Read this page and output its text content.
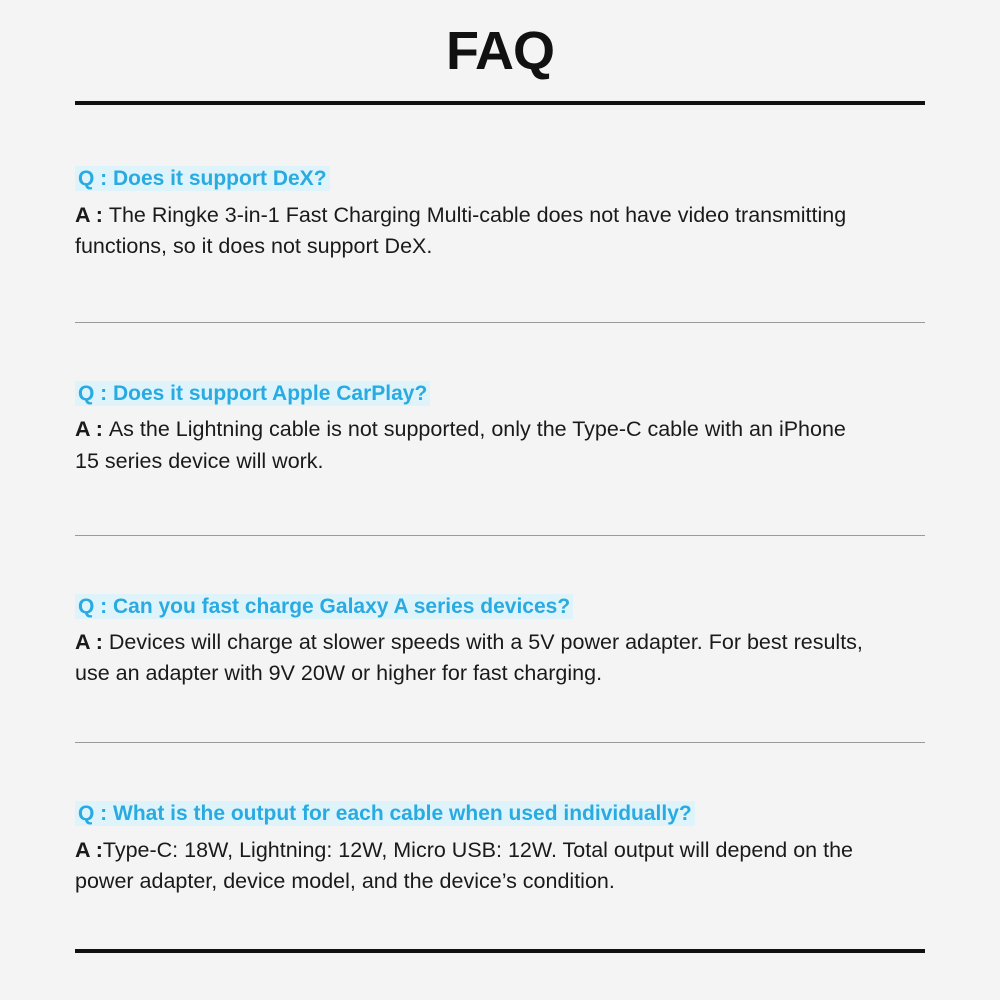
FAQ

Q : Does it support DeX?

A : The Ringke 3-in-1 Fast Charging Multi-cable does not have video transmitting functions, so it does not support DeX.

Q : Does it support Apple CarPlay?

A : As the Lightning cable is not supported, only the Type-C cable with an iPhone 15 series device will work.

Q : Can you fast charge Galaxy A series devices?

A : Devices will charge at slower speeds with a 5V power adapter. For best results, use an adapter with 9V 20W or higher for fast charging.

Q : What is the output for each cable when used individually?

A :Type-C: 18W, Lightning: 12W, Micro USB: 12W. Total output will depend on the power adapter, device model, and the device’s condition.
